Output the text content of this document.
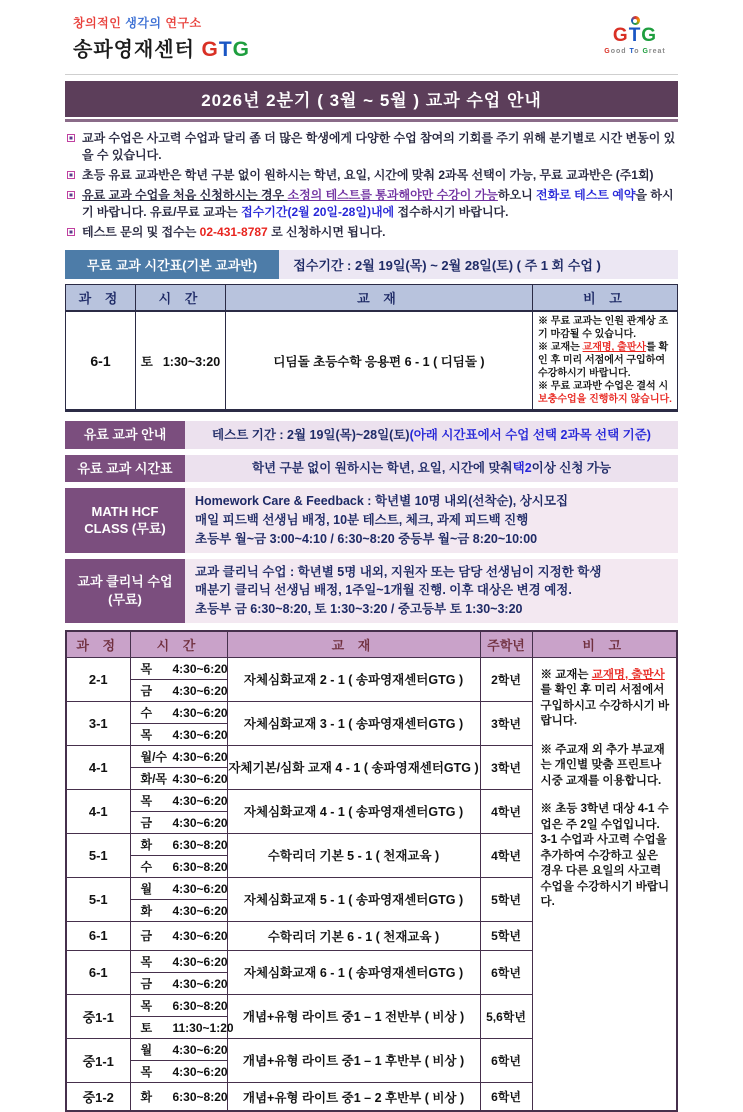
창의적인 생각의 연구소
송파영재센터 GTG
GTG
Good To Great
2026년 2분기 ( 3월 ~ 5월 ) 교과 수업 안내
교과 수업은 사고력 수업과 달리 좀 더 많은 학생에게 다양한 수업 참여의 기회를 주기 위해 분기별로 시간 변동이 있을 수 있습니다.
초등 유료 교과반은 학년 구분 없이 원하시는 학년, 요일, 시간에 맞춰 2과목 선택이 가능, 무료 교과반은 (주1회)
유료 교과 수업을 처음 신청하시는 경우 소정의 테스트를 통과해야만 수강이 가능하오니 전화로 테스트 예약을 하시기 바랍니다. 유료/무료 교과는 접수기간(2월 20일-28일)내에 접수하시기 바랍니다.
테스트 문의 및 접수는 02-431-8787 로 신청하시면 됩니다.
무료 교과 시간표(기본 교과반)	접수기간 : 2월 19일(목) ~ 2월 28일(토) ( 주 1 회 수업 )
과 정	시 간	교 재	비 고
6-1	토 1:30~3:20	디딤돌 초등수학 응용편 6 - 1 ( 디딤돌 )	※ 무료 교과는 인원 관계상 조기 마감될 수 있습니다.
※ 교재는 교재명, 출판사를 확인 후 미리 서점에서 구입하여 수강하시기 바랍니다.
※ 무료 교과반 수업은 결석 시 보충수업을 진행하지 않습니다.
유료 교과 안내	테스트 기간 : 2월 19일(목)~28일(토) (아래 시간표에서 수업 선택 2과목 선택 기준)
유료 교과 시간표	학년 구분 없이 원하시는 학년, 요일, 시간에 맞춰 택2 이상 신청 가능
MATH HCF
CLASS (무료)
Homework Care & Feedback : 학년별 10명 내외(선착순), 상시모집
매일 피드백 선생님 배정, 10분 테스트, 체크, 과제 피드백 진행
초등부 월~금 3:00~4:10 / 6:30~8:20 중등부 월~금 8:20~10:00
교과 클리닉 수업
(무료)
교과 클리닉 수업 : 학년별 5명 내외, 지원자 또는 담당 선생님이 지정한 학생
매분기 클리닉 선생님 배정, 1주일~1개월 진행. 이후 대상은 변경 예정.
초등부 금 6:30~8:20, 토 1:30~3:20 / 중고등부 토 1:30~3:20
과 정	시 간	교 재	주학년	비 고
2-1	목 4:30~6:20	자체심화교재 2 - 1 ( 송파영재센터GTG )	2학년	※ 교재는 교재명, 출판사를 확인 후 미리 서점에서 구입하시고 수강하시기 바랍니다.
※ 주교재 외 추가 부교재는 개인별 맞춤 프린트나 시중 교재를 이용합니다.
※ 초등 3학년 대상 4-1 수업은 주 2일 수업입니다. 3-1 수업과 사고력 수업을 추가하여 수강하고 싶은 경우 다른 요일의 사고력 수업을 수강하시기 바랍니다.

	금 4:30~6:20			
3-1	수 4:30~6:20	자체심화교재 3 - 1 ( 송파영재센터GTG )	3학년	
	목 4:30~6:20			
4-1	월/수 4:30~6:20	자체기본/심화 교재 4 - 1 ( 송파영재센터GTG )	3학년	
	화/목 4:30~6:20			
4-1	목 4:30~6:20	자체심화교재 4 - 1 ( 송파영재센터GTG )	4학년	
	금 4:30~6:20			
5-1	화 6:30~8:20	수학리더 기본 5 - 1 ( 천재교육 )	4학년	
	수 6:30~8:20			
5-1	월 4:30~6:20	자체심화교재 5 - 1 ( 송파영재센터GTG )	5학년	
	화 4:30~6:20			
6-1	금 4:30~6:20	수학리더 기본 6 - 1 ( 천재교육 )	5학년	
6-1	목 4:30~6:20	자체심화교재 6 - 1 ( 송파영재센터GTG )	6학년	
	금 4:30~6:20			
중1-1	목 6:30~8:20	개념+유형 라이트 중1 – 1 전반부 ( 비상 )	5,6학년	
	토 11:30~1:20			
중1-1	월 4:30~6:20	개념+유형 라이트 중1 – 1 후반부 ( 비상 )	6학년	
	목 4:30~6:20			
중1-2	화 6:30~8:20	개념+유형 라이트 중1 – 2 후반부 ( 비상 )	6학년	
